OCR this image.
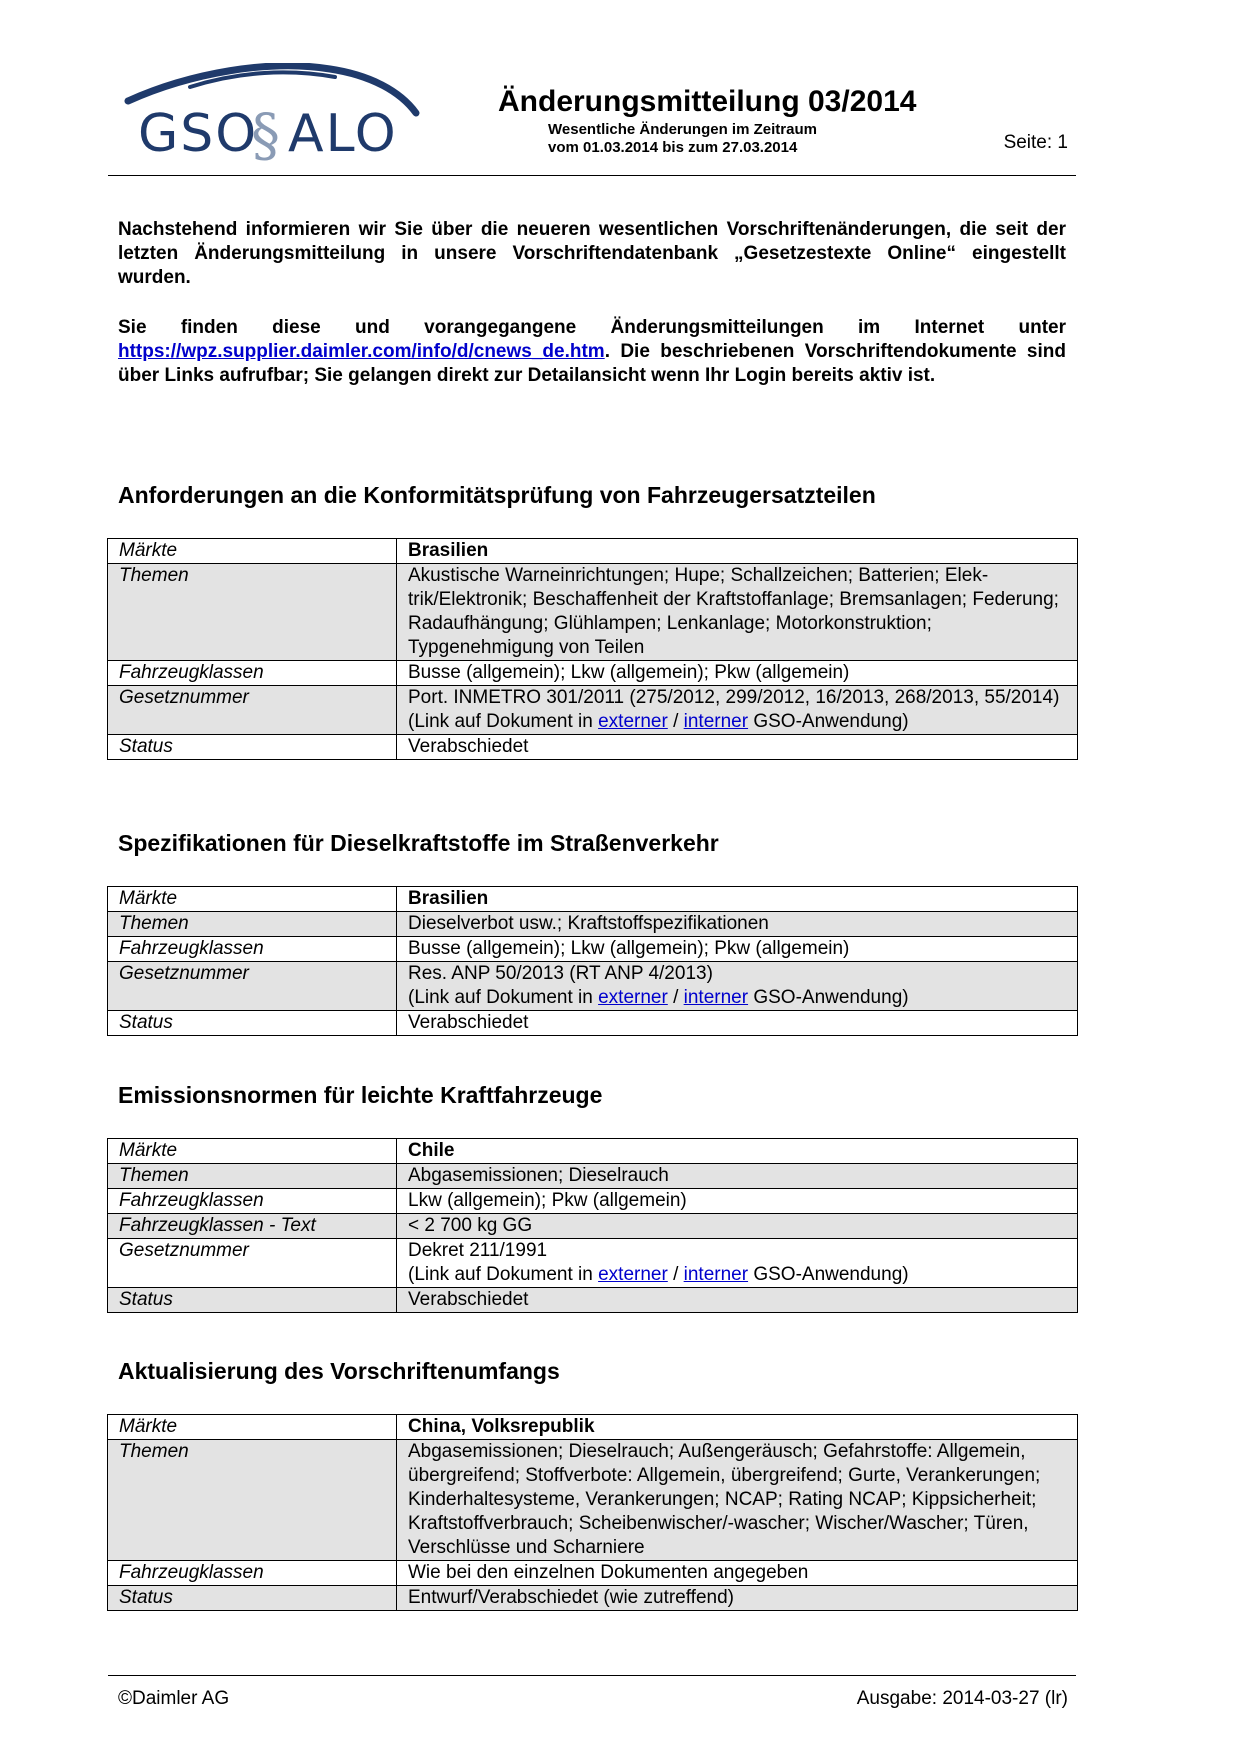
GSO
§ ALO
Änderungsmitteilung 03/2014
Wesentliche Änderungen im Zeitraum
vom 01.03.2014 bis zum 27.03.2014	Seite: 1
Nachstehend informieren wir Sie über die neueren wesentlichen Vorschriftenänderungen, die seit der letzten Änderungsmitteilung in unsere Vorschriftendatenbank „Gesetzestexte Online“ eingestellt wurden.
Sie finden diese und vorangegangene Änderungsmitteilungen im Internet unter https://wpz.supplier.daimler.com/info/d/cnews_de.htm. Die beschriebenen Vorschriftendokumente sind über Links aufrufbar; Sie gelangen direkt zur Detailansicht wenn Ihr Login bereits aktiv ist.
Anforderungen an die Konformitätsprüfung von Fahrzeugersatzteilen
Märkte	Brasilien
Themen	Akustische Warneinrichtungen; Hupe; Schallzeichen; Batterien; Elektrik/Elektronik; Beschaffenheit der Kraftstoffanlage; Bremsanlagen; Federung; Radaufhängung; Glühlampen; Lenkanlage; Motorkonstruktion; Typgenehmigung von Teilen
Fahrzeugklassen	Busse (allgemein); Lkw (allgemein); Pkw (allgemein)
Gesetznummer	Port. INMETRO 301/2011 (275/2012, 299/2012, 16/2013, 268/2013, 55/2014)
(Link auf Dokument in externer / interner GSO-Anwendung)

Status	Verabschiedet
Spezifikationen für Dieselkraftstoffe im Straßenverkehr
Märkte	Brasilien
Themen	Dieselverbot usw.; Kraftstoffspezifikationen
Fahrzeugklassen	Busse (allgemein); Lkw (allgemein); Pkw (allgemein)
Gesetznummer	Res. ANP 50/2013 (RT ANP 4/2013)
(Link auf Dokument in externer / interner GSO-Anwendung)

Status	Verabschiedet
Emissionsnormen für leichte Kraftfahrzeuge
Märkte	Chile
Themen	Abgasemissionen; Dieselrauch
Fahrzeugklassen	Lkw (allgemein); Pkw (allgemein)
Fahrzeugklassen - Text	< 2 700 kg GG
Gesetznummer	Dekret 211/1991
(Link auf Dokument in externer / interner GSO-Anwendung)

Status	Verabschiedet
Aktualisierung des Vorschriftenumfangs
Märkte	China, Volksrepublik
Themen	Abgasemissionen; Dieselrauch; Außengeräusch; Gefahrstoffe: Allgemein, übergreifend; Stoffverbote: Allgemein, übergreifend; Gurte, Verankerungen; Kinderhaltesysteme, Verankerungen; NCAP; Rating NCAP; Kippsicherheit; Kraftstoffverbrauch; Scheibenwischer/-wascher; Wischer/Wascher; Türen, Verschlüsse und Scharniere
Fahrzeugklassen	Wie bei den einzelnen Dokumenten angegeben
Status	Entwurf/Verabschiedet (wie zutreffend)
©Daimler AG	Ausgabe: 2014-03-27 (lr)
